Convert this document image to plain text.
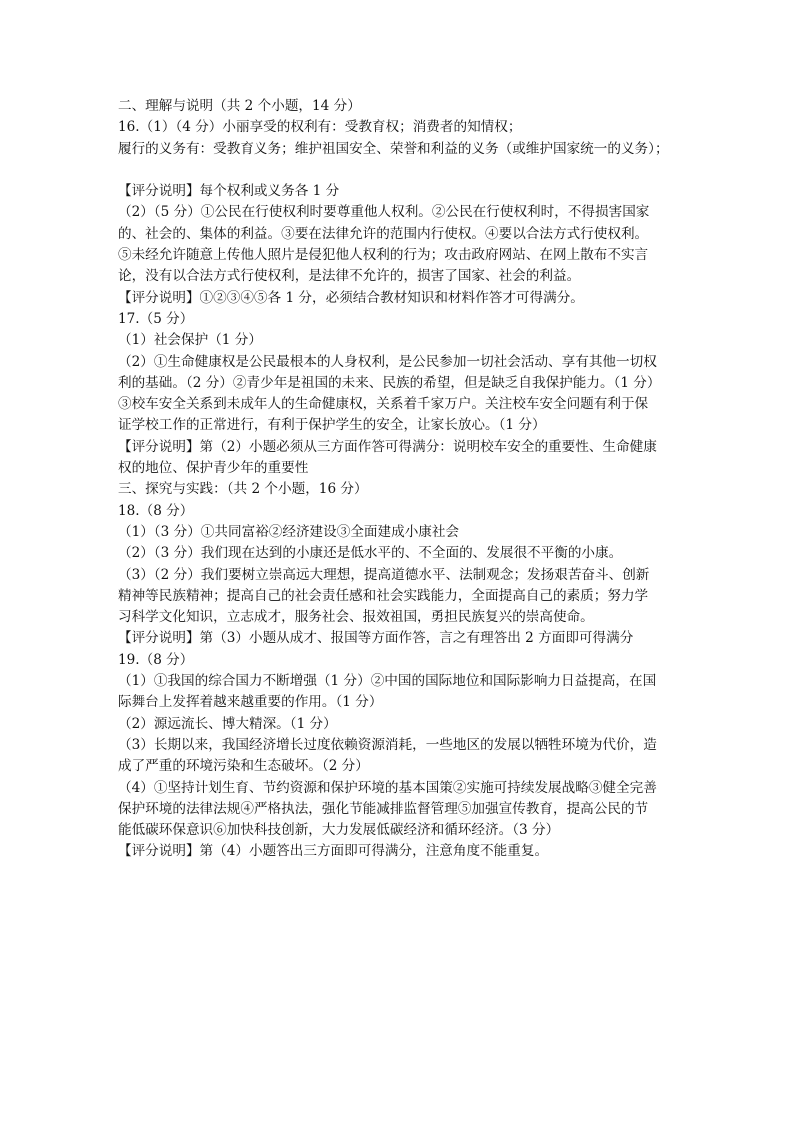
二、理解与说明（共 2 个小题，14 分）
16.（1）（4 分）小丽享受的权利有：受教育权；消费者的知情权；
履行的义务有：受教育义务；维护祖国安全、荣誉和利益的义务（或维护国家统一的义务）；
【评分说明】每个权利或义务各 1 分
（2）（5 分）①公民在行使权利时要尊重他人权利。②公民在行使权利时，不得损害国家
的、社会的、集体的利益。③要在法律允许的范围内行使权。④要以合法方式行使权利。
⑤未经允许随意上传他人照片是侵犯他人权利的行为；攻击政府网站、在网上散布不实言
论，没有以合法方式行使权利，是法律不允许的，损害了国家、社会的利益。
【评分说明】①②③④⑤各 1 分，必须结合教材知识和材料作答才可得满分。
17.（5 分）
（1）社会保护（1 分）
（2）①生命健康权是公民最根本的人身权利，是公民参加一切社会活动、享有其他一切权
利的基础。（2 分）②青少年是祖国的未来、民族的希望，但是缺乏自我保护能力。（1 分）
③校车安全关系到未成年人的生命健康权，关系着千家万户。关注校车安全问题有利于保
证学校工作的正常进行，有利于保护学生的安全，让家长放心。（1 分）
【评分说明】第（2）小题必须从三方面作答可得满分：说明校车安全的重要性、生命健康
权的地位、保护青少年的重要性
三、探究与实践：（共 2 个小题，16 分）
18.（8 分）
（1）（3 分）①共同富裕②经济建设③全面建成小康社会
（2）（3 分）我们现在达到的小康还是低水平的、不全面的、发展很不平衡的小康。
（3）（2 分）我们要树立崇高远大理想，提高道德水平、法制观念；发扬艰苦奋斗、创新
精神等民族精神；提高自己的社会责任感和社会实践能力，全面提高自己的素质；努力学
习科学文化知识，立志成才，服务社会、报效祖国，勇担民族复兴的崇高使命。
【评分说明】第（3）小题从成才、报国等方面作答，言之有理答出 2 方面即可得满分
19.（8 分）
（1）①我国的综合国力不断增强（1 分）②中国的国际地位和国际影响力日益提高，在国
际舞台上发挥着越来越重要的作用。（1 分）
（2）源远流长、博大精深。（1 分）
（3）长期以来，我国经济增长过度依赖资源消耗，一些地区的发展以牺牲环境为代价，造
成了严重的环境污染和生态破坏。（2 分）
（4）①坚持计划生育、节约资源和保护环境的基本国策②实施可持续发展战略③健全完善
保护环境的法律法规④严格执法，强化节能减排监督管理⑤加强宣传教育，提高公民的节
能低碳环保意识⑥加快科技创新，大力发展低碳经济和循环经济。（3 分）
【评分说明】第（4）小题答出三方面即可得满分，注意角度不能重复。
